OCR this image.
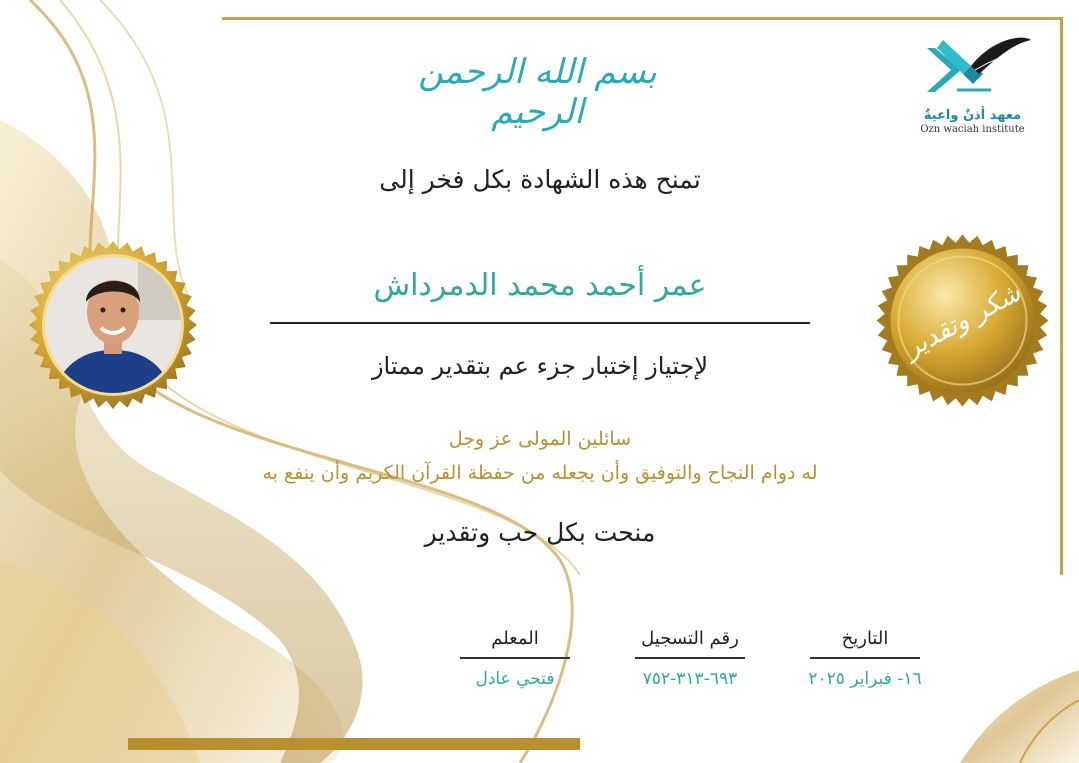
معهد أذنٌ واعيةٌ
Ozn waciah institute
بسم الله الرحمن الرحيم
تمنح هذه الشهادة بكل فخر إلى
عمر أحمد محمد الدمرداش
لإجتياز إختبار جزء عم بتقدير ممتاز
سائلين المولى عز وجل
له دوام النجاح والتوفيق وأن يجعله من حفظة القرآن الكريم وأن ينفع به
منحت بكل حب وتقدير
شكر وتقدير
التاريخ
١٦- فبراير ٢٠٢٥
رقم التسجيل
٦٩٣-٣١٣-٧٥٢
المعلم
فتحي عادل
